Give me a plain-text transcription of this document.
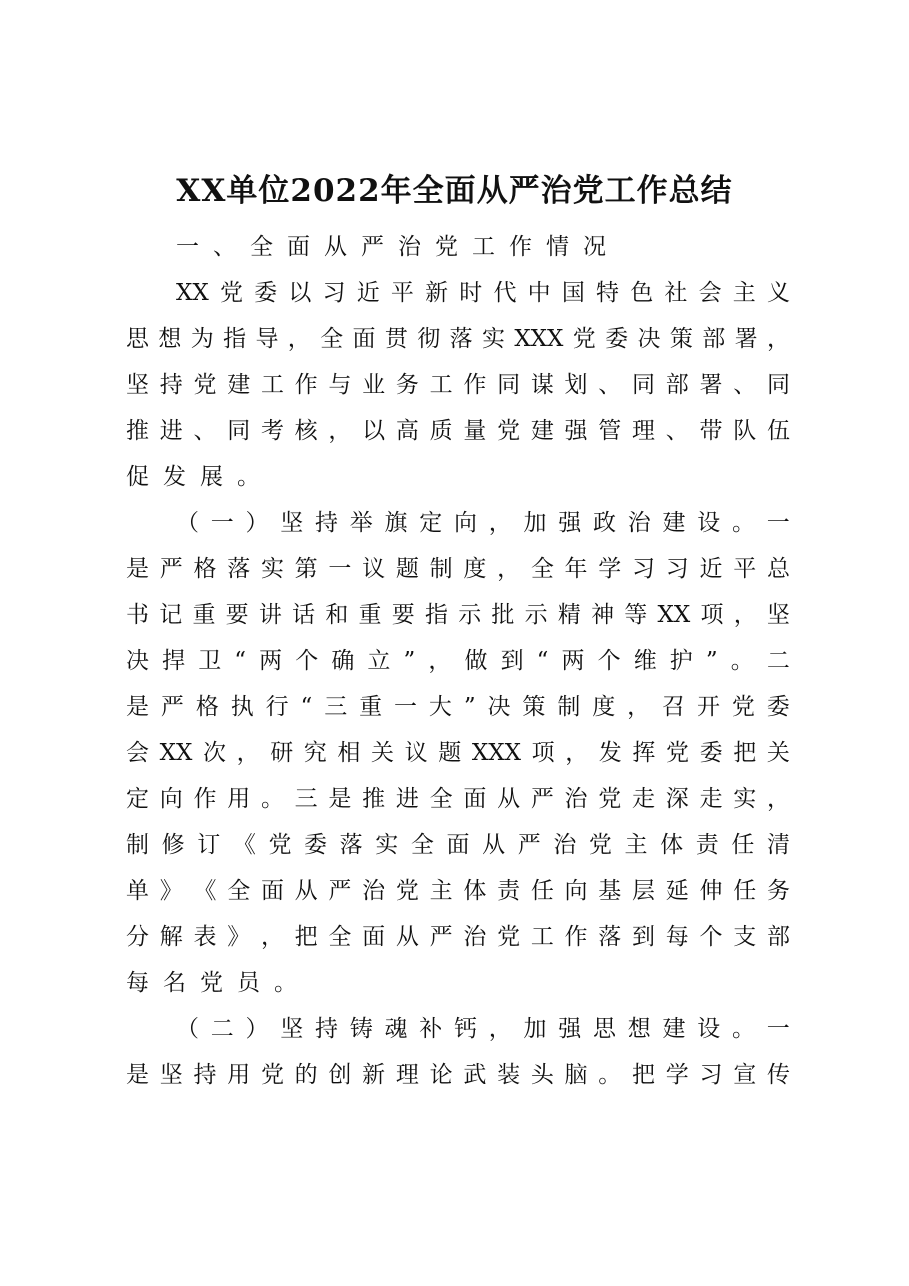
XX单位2022年全面从严治党工作总结
一 、 全 面 从 严 治 党 工 作 情 况
XX 党 委 以 习 近 平 新 时 代 中 国 特 色 社 会 主 义
思 想 为 指 导 ， 全 面 贯 彻 落 实 XXX 党 委 决 策 部 署 ，
坚 持 党 建 工 作 与 业 务 工 作 同 谋 划 、 同 部 署 、 同
推 进 、 同 考 核 ， 以 高 质 量 党 建 强 管 理 、 带 队 伍
促 发 展 。
（ 一 ） 坚 持 举 旗 定 向 ， 加 强 政 治 建 设 。 一
是 严 格 落 实 第 一 议 题 制 度 ， 全 年 学 习 习 近 平 总
书 记 重 要 讲 话 和 重 要 指 示 批 示 精 神 等 XX 项 ， 坚
决 捍 卫 “ 两 个 确 立 ” ， 做 到 “ 两 个 维 护 ” 。 二
是 严 格 执 行 “ 三 重 一 大 ” 决 策 制 度 ， 召 开 党 委
会 XX 次 ， 研 究 相 关 议 题 XXX 项 ， 发 挥 党 委 把 关
定 向 作 用 。 三 是 推 进 全 面 从 严 治 党 走 深 走 实 ，
制 修 订 《 党 委 落 实 全 面 从 严 治 党 主 体 责 任 清
单 》 《 全 面 从 严 治 党 主 体 责 任 向 基 层 延 伸 任 务
分 解 表 》 ， 把 全 面 从 严 治 党 工 作 落 到 每 个 支 部
每 名 党 员 。
（ 二 ） 坚 持 铸 魂 补 钙 ， 加 强 思 想 建 设 。 一
是 坚 持 用 党 的 创 新 理 论 武 装 头 脑 。 把 学 习 宣 传
